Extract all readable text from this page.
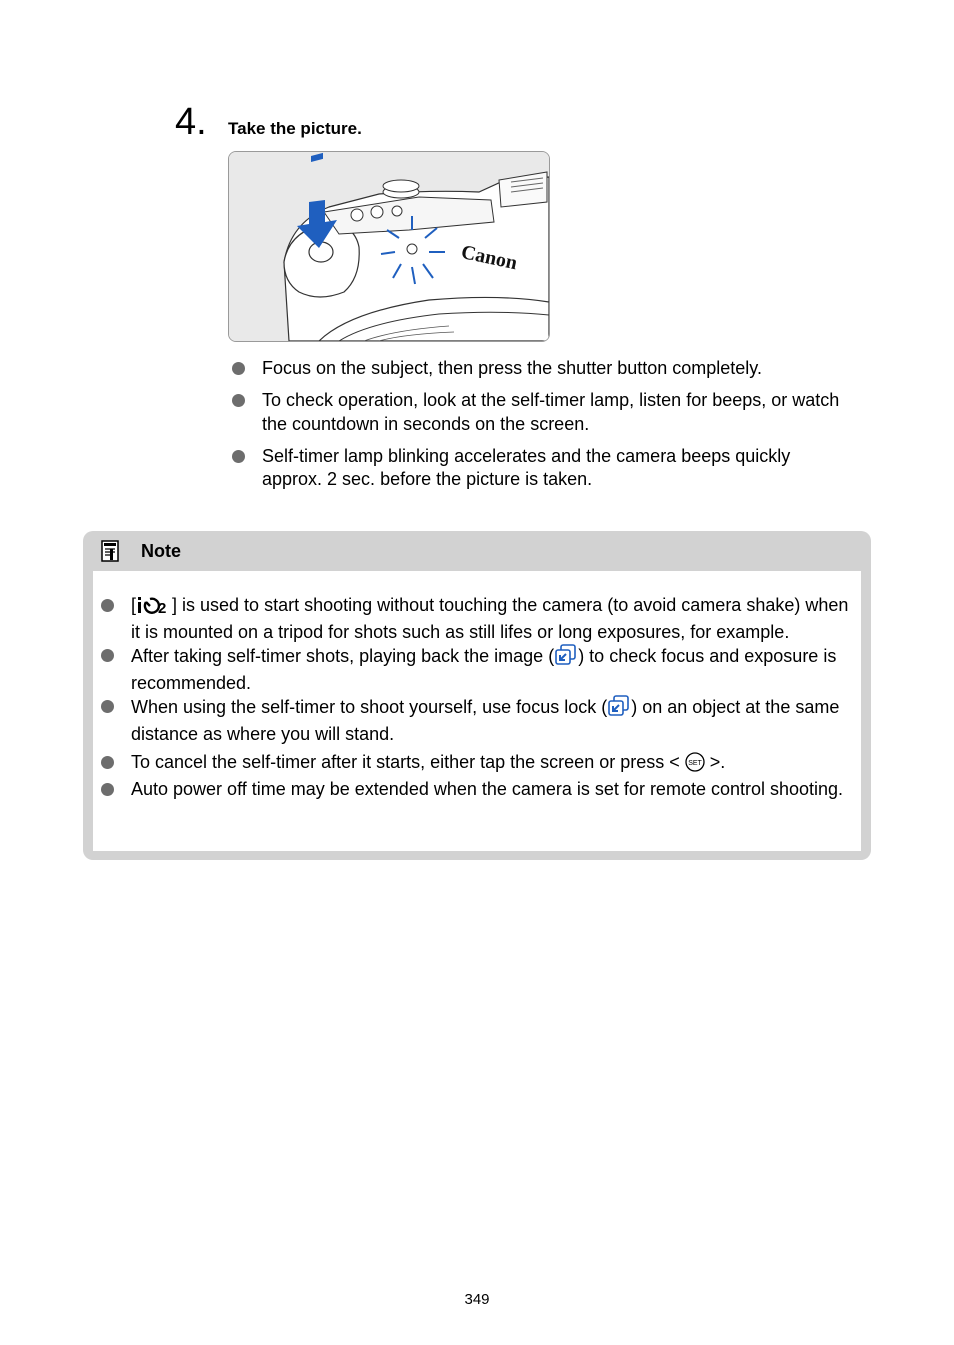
4. Take the picture.
Canon
Focus on the subject, then press the shutter button completely.
To check operation, look at the self-timer lamp, listen for beeps, or watch the countdown in seconds on the screen.
Self-timer lamp blinking accelerates and the camera beeps quickly approx. 2 sec. before the picture is taken.
Note
[ 2 ] is used to start shooting without touching the camera (to avoid camera shake) when it is mounted on a tripod for shots such as still lifes or long exposures, for example.
After taking self-timer shots, playing back the image ( ) to check focus and exposure is recommended.
When using the self-timer to shoot yourself, use focus lock ( ) on an object at the same distance as where you will stand.
To cancel the self-timer after it starts, either tap the screen or press < SET >.
Auto power off time may be extended when the camera is set for remote control shooting.
349
